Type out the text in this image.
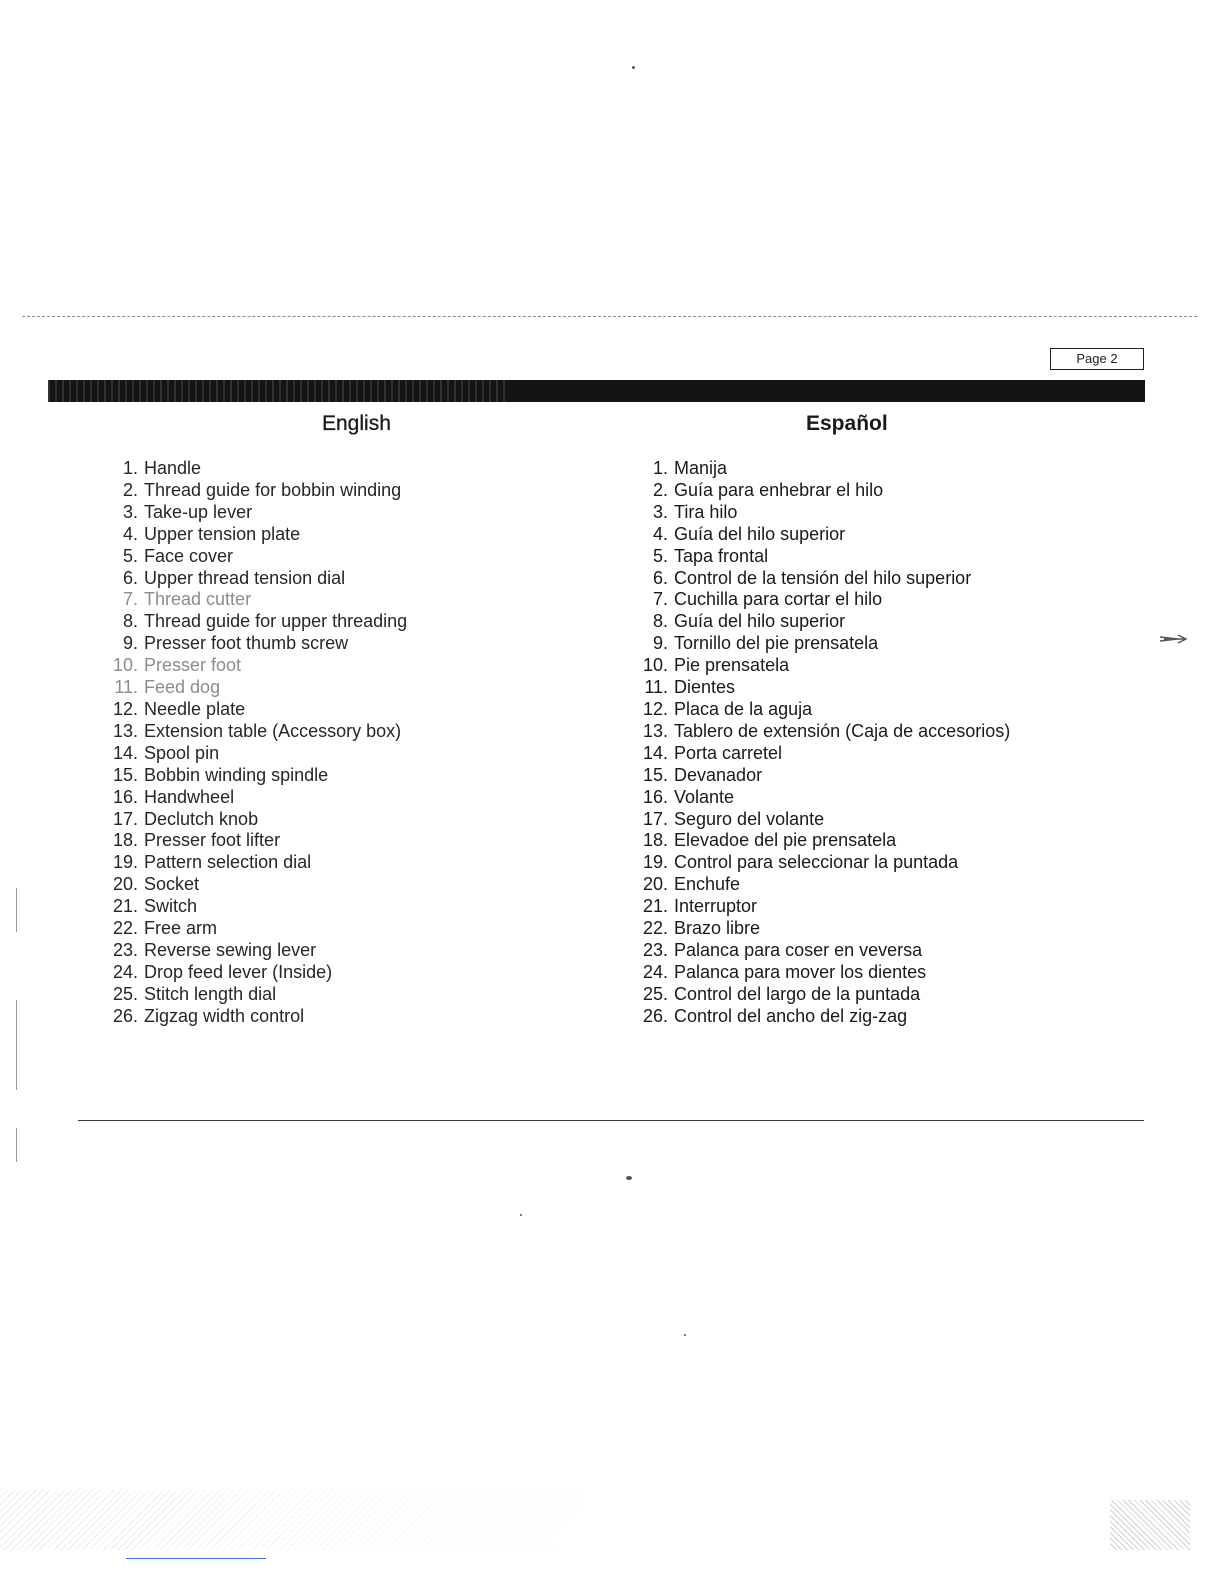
Page 2
English	Español
1.
Handle
2.
Thread guide for bobbin winding
3.
Take-up lever
4.
Upper tension plate
5.
Face cover
6.
Upper thread tension dial
7.
Thread cutter
8.
Thread guide for upper threading
9.
Presser foot thumb screw
10.
Presser foot
11.
Feed dog
12.
Needle plate
13.
Extension table (Accessory box)
14.
Spool pin
15.
Bobbin winding spindle
16.
Handwheel
17.
Declutch knob
18.
Presser foot lifter
19.
Pattern selection dial
20.
Socket
21.
Switch
22.
Free arm
23.
Reverse sewing lever
24.
Drop feed lever (Inside)
25.
Stitch length dial
26.
Zigzag width control
1.
Manija
2.
Guía para enhebrar el hilo
3.
Tira hilo
4.
Guía del hilo superior
5.
Tapa frontal
6.
Control de la tensión del hilo superior
7.
Cuchilla para cortar el hilo
8.
Guía del hilo superior
9.
Tornillo del pie prensatela
10.
Pie prensatela
11.
Dientes
12.
Placa de la aguja
13.
Tablero de extensión (Caja de accesorios)
14.
Porta carretel
15.
Devanador
16.
Volante
17.
Seguro del volante
18.
Elevadoe del pie prensatela
19.
Control para seleccionar la puntada
20.
Enchufe
21.
Interruptor
22.
Brazo libre
23.
Palanca para coser en veversa
24.
Palanca para mover los dientes
25.
Control del largo de la puntada
26.
Control del ancho del zig-zag
